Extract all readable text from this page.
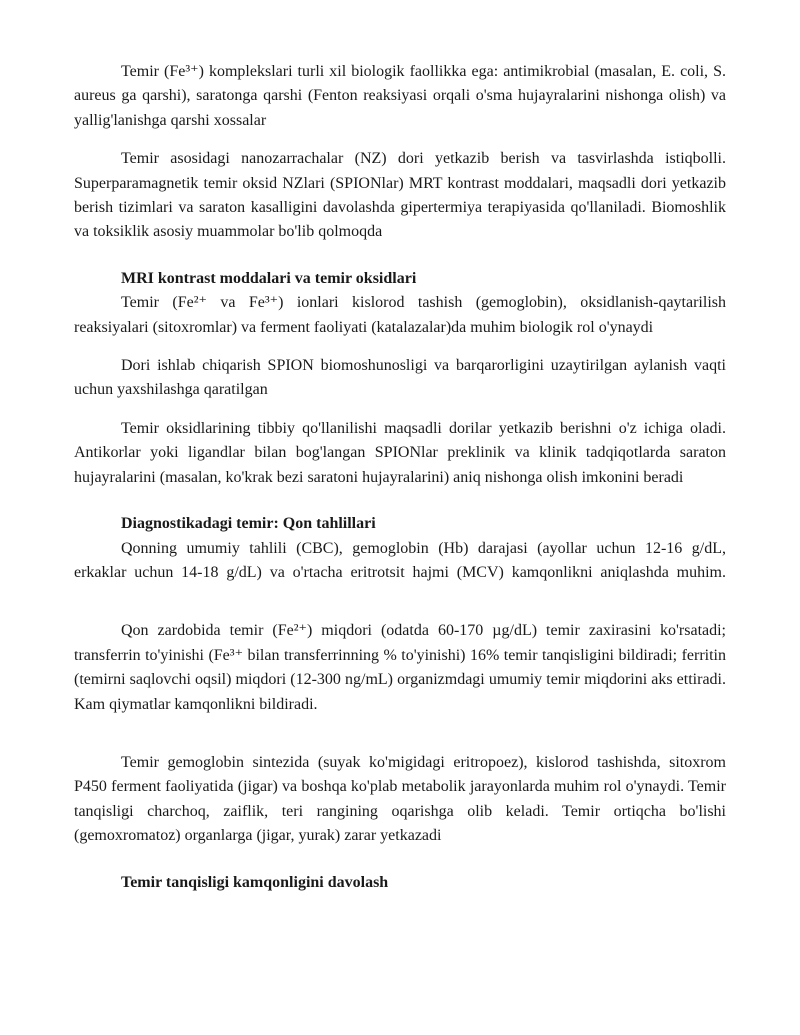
Temir (Fe³⁺) komplekslari turli xil biologik faollikka ega: antimikrobial (masalan, E. coli, S. aureus ga qarshi), saratonga qarshi (Fenton reaksiyasi orqali o'sma hujayralarini nishonga olish) va yallig'lanishga qarshi xossalar

Temir asosidagi nanozarrachalar (NZ) dori yetkazib berish va tasvirlashda istiqbolli. Superparamagnetik temir oksid NZlari (SPIONlar) MRT kontrast moddalari, maqsadli dori yetkazib berish tizimlari va saraton kasalligini davolashda gipertermiya terapiyasida qo'llaniladi. Biomoshlik va toksiklik asosiy muammolar bo'lib qolmoqda

MRI kontrast moddalari va temir oksidlari

Temir (Fe²⁺ va Fe³⁺) ionlari kislorod tashish (gemoglobin), oksidlanish-qaytarilish reaksiyalari (sitoxromlar) va ferment faoliyati (katalazalar)da muhim biologik rol o'ynaydi

Dori ishlab chiqarish SPION biomoshunosligi va barqarorligini uzaytirilgan aylanish vaqti uchun yaxshilashga qaratilgan

Temir oksidlarining tibbiy qo'llanilishi maqsadli dorilar yetkazib berishni o'z ichiga oladi. Antikorlar yoki ligandlar bilan bog'langan SPIONlar preklinik va klinik tadqiqotlarda saraton hujayralarini (masalan, ko'krak bezi saratoni hujayralarini) aniq nishonga olish imkonini beradi

Diagnostikadagi temir: Qon tahlillari

Qonning umumiy tahlili (CBC), gemoglobin (Hb) darajasi (ayollar uchun 12-16 g/dL, erkaklar uchun 14-18 g/dL) va o'rtacha eritrotsit hajmi (MCV) kamqonlikni aniqlashda muhim.

Qon zardobida temir (Fe²⁺) miqdori (odatda 60-170 µg/dL) temir zaxirasini ko'rsatadi; transferrin to'yinishi (Fe³⁺ bilan transferrinning % to'yinishi) 16% temir tanqisligini bildiradi; ferritin (temirni saqlovchi oqsil) miqdori (12-300 ng/mL) organizmdagi umumiy temir miqdorini aks ettiradi. Kam qiymatlar kamqonlikni bildiradi.

Temir gemoglobin sintezida (suyak ko'migidagi eritropoez), kislorod tashishda, sitoxrom P450 ferment faoliyatida (jigar) va boshqa ko'plab metabolik jarayonlarda muhim rol o'ynaydi. Temir tanqisligi charchoq, zaiflik, teri rangining oqarishga olib keladi. Temir ortiqcha bo'lishi (gemoxromatoz) organlarga (jigar, yurak) zarar yetkazadi

Temir tanqisligi kamqonligini davolash
